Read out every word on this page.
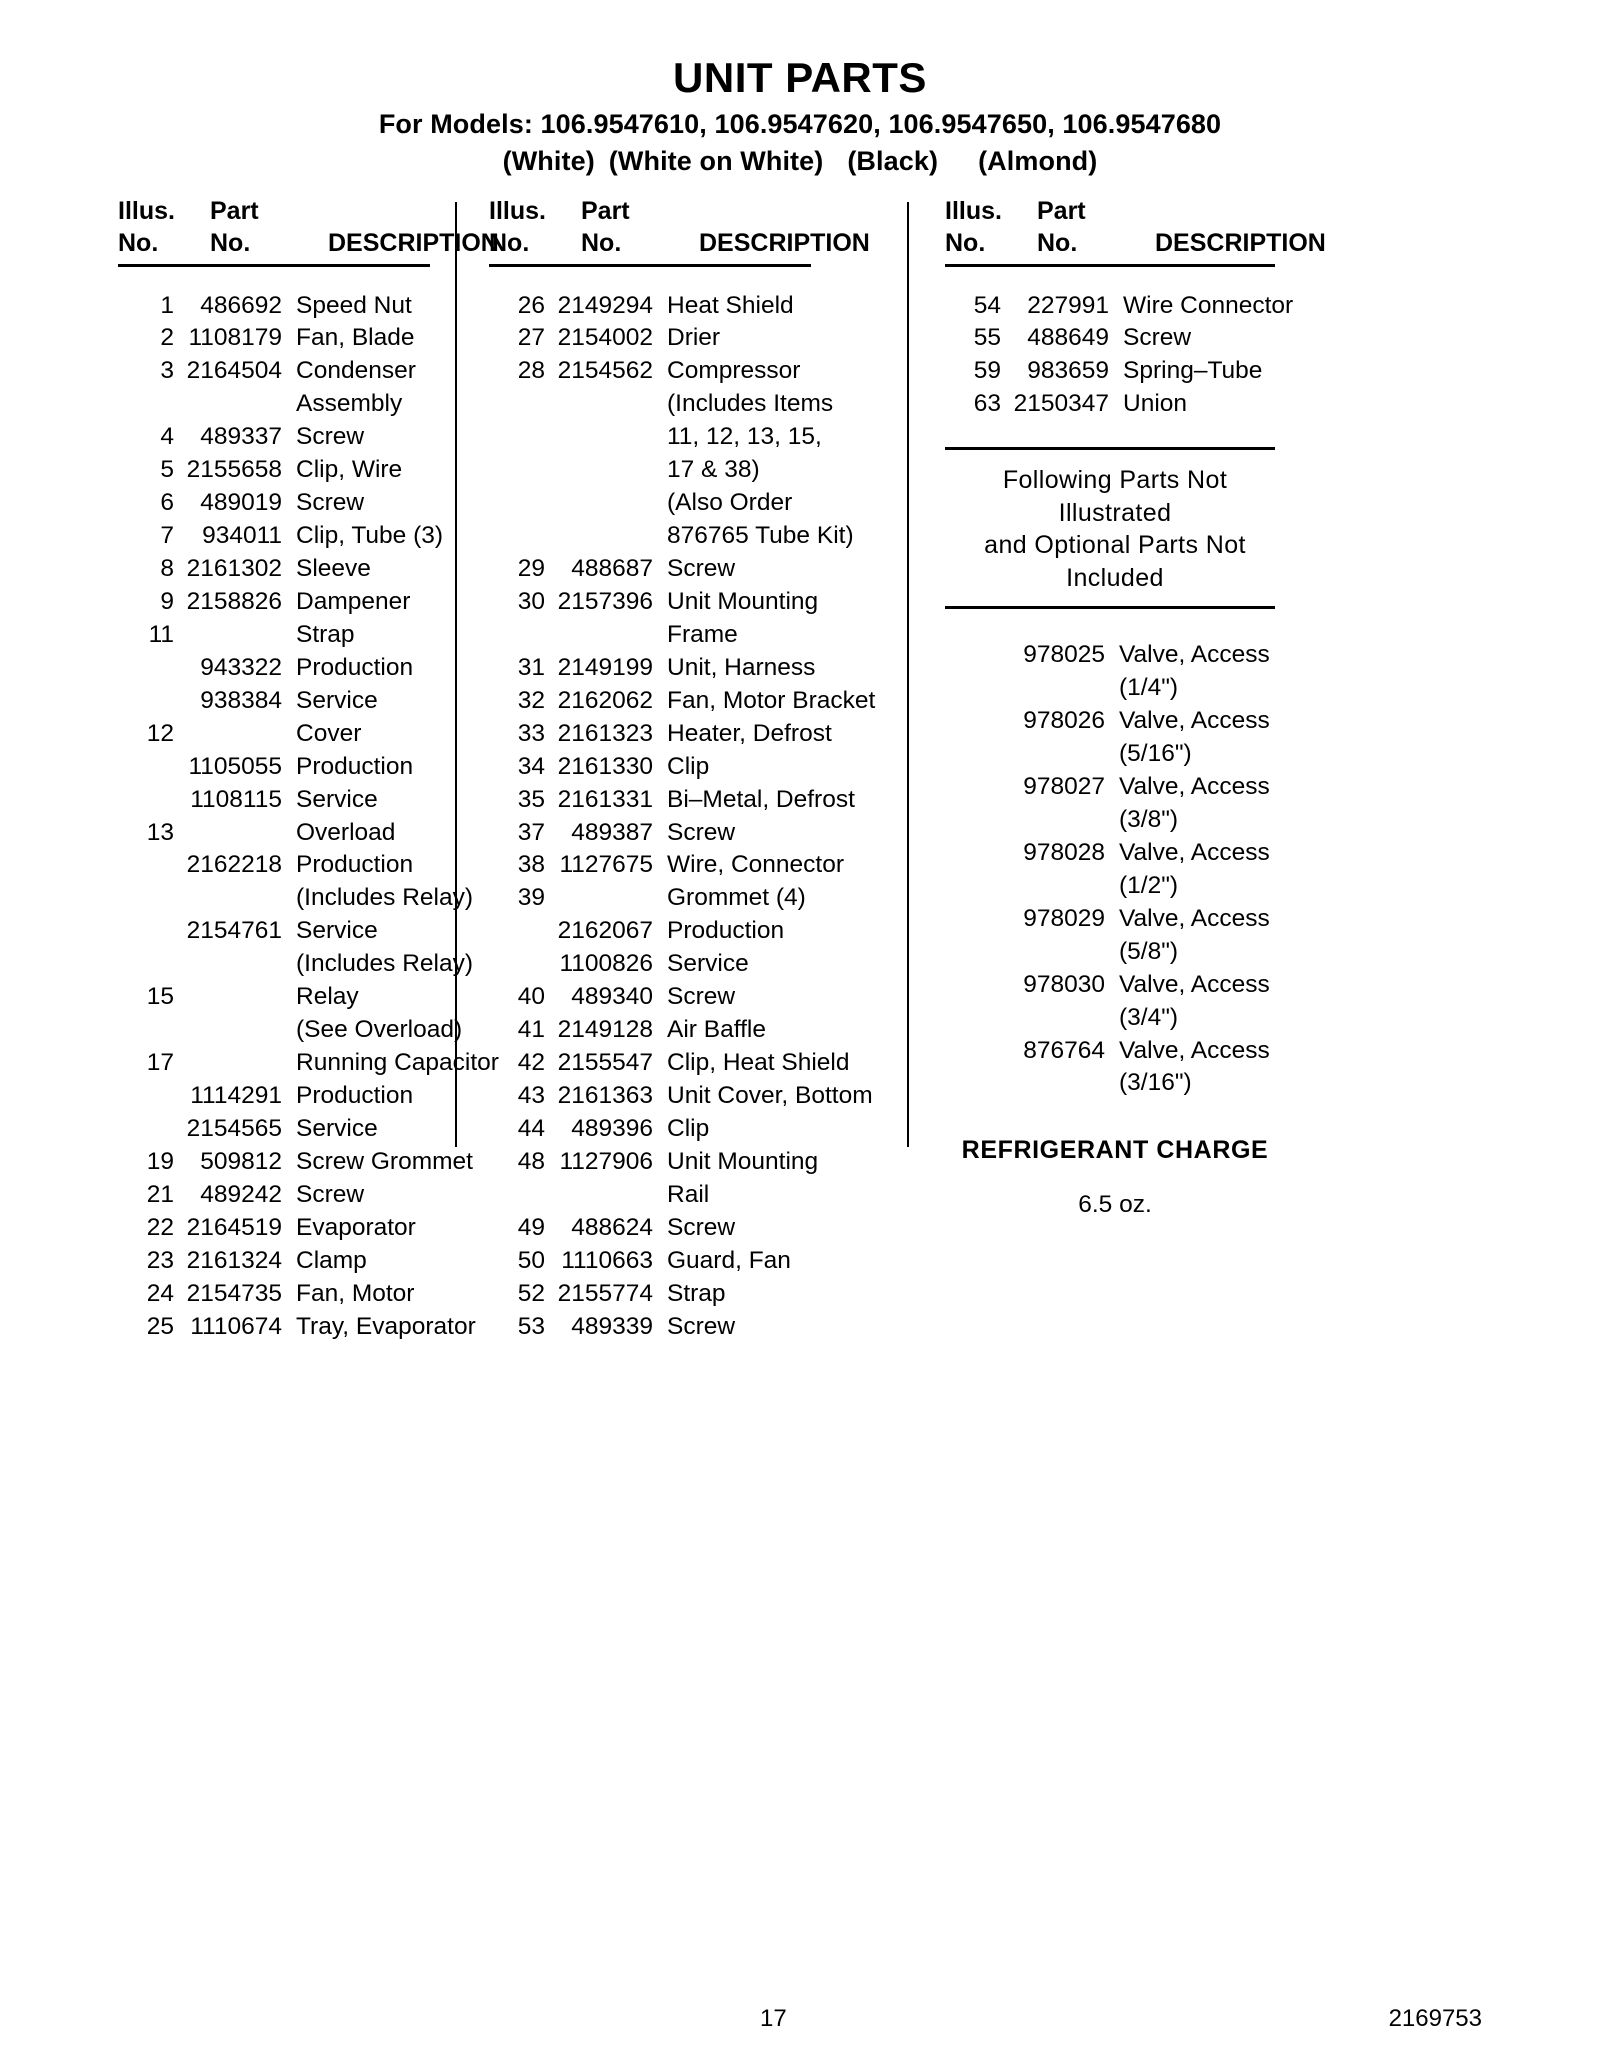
UNIT PARTS
For Models: 106.9547610, 106.9547620, 106.9547650, 106.9547680
(White) (White on White) (Black) (Almond)
Illus. Part
No. No.	DESCRIPTION
1	486692 Speed Nut
2 1108179 Fan, Blade
3 2164504 Condenser
Assembly
4	489337 Screw
5 2155658 Clip, Wire
6	489019 Screw
7	934011 Clip, Tube (3)
8 2161302 Sleeve
9 2158826 Dampener
11	Strap
943322 Production
938384 Service
12	Cover
1105055 Production
1108115 Service
13	Overload
2162218 Production
(Includes Relay)
2154761 Service
(Includes Relay)
15	Relay
(See Overload)
17	Running Capacitor
1114291 Production
2154565 Service
19	509812 Screw Grommet
21	489242 Screw
22 2164519 Evaporator
23 2161324 Clamp
24 2154735 Fan, Motor
25 1110674 Tray, Evaporator
Illus. Part
No. No.	DESCRIPTION
26 2149294 Heat Shield
27 2154002 Drier
28 2154562 Compressor
(Includes Items
11, 12, 13, 15,
17 & 38)
(Also Order
876765 Tube Kit)
29	488687 Screw
30 2157396 Unit Mounting
Frame
31 2149199 Unit, Harness
32 2162062 Fan, Motor Bracket
33 2161323 Heater, Defrost
34 2161330 Clip
35 2161331 Bi–Metal, Defrost
37	489387 Screw
38 1127675 Wire, Connector
39	Grommet (4)
2162067 Production
1100826 Service
40	489340 Screw
41 2149128 Air Baffle
42 2155547 Clip, Heat Shield
43 2161363 Unit Cover, Bottom
44	489396 Clip
48 1127906 Unit Mounting
Rail
49	488624 Screw
50 1110663 Guard, Fan
52 2155774 Strap
53	489339 Screw
Illus. Part
No. No.	DESCRIPTION
54	227991 Wire Connector
55	488649 Screw
59	983659 Spring–Tube
63 2150347 Union
Following Parts Not Illustrated
and Optional Parts Not Included
978025 Valve, Access
(1/4")
978026 Valve, Access
(5/16")
978027 Valve, Access
(3/8")
978028 Valve, Access
(1/2")
978029 Valve, Access
(5/8")
978030 Valve, Access
(3/4")
876764 Valve, Access
(3/16")
REFRIGERANT CHARGE
6.5 oz.
17	2169753
